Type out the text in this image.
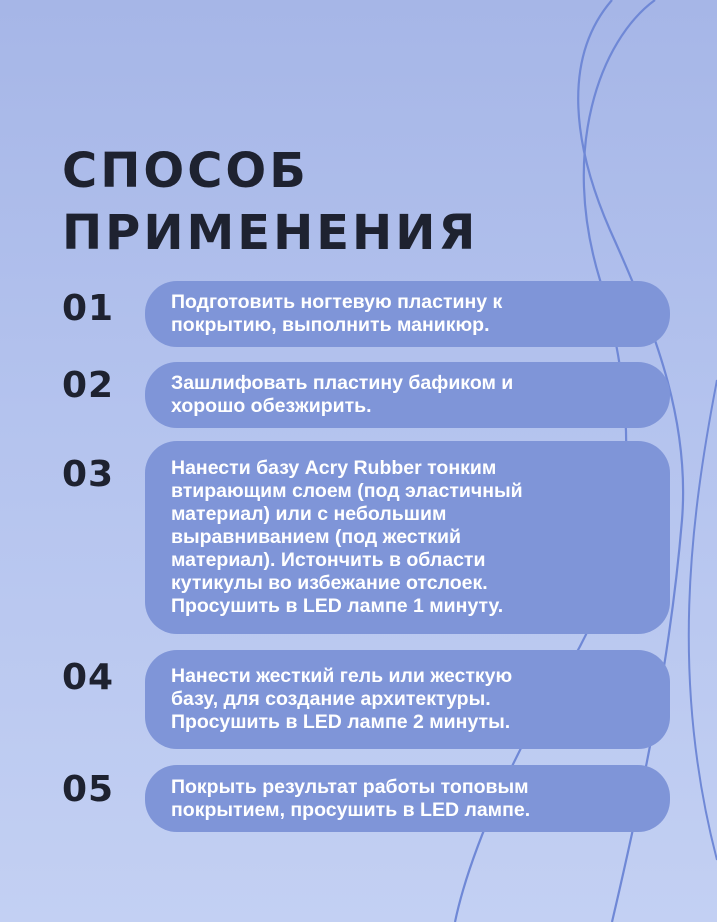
СПОСОБ
ПРИМЕНЕНИЯ
01	Подготовить ногтевую пластину к
покрытию, выполнить маникюр.

02	Зашлифовать пластину бафиком и
хорошо обезжирить.

03	Нанести базу Acry Rubber тонким
втирающим слоем (под эластичный
материал) или с небольшим
выравниванием (под жесткий
материал). Истончить в области
кутикулы во избежание отслоек.
Просушить в LED лампе 1 минуту.

04	Нанести жесткий гель или жесткую
базу, для создание архитектуры.
Просушить в LED лампе 2 минуты.

05	Покрыть результат работы топовым
покрытием, просушить в LED лампе.
